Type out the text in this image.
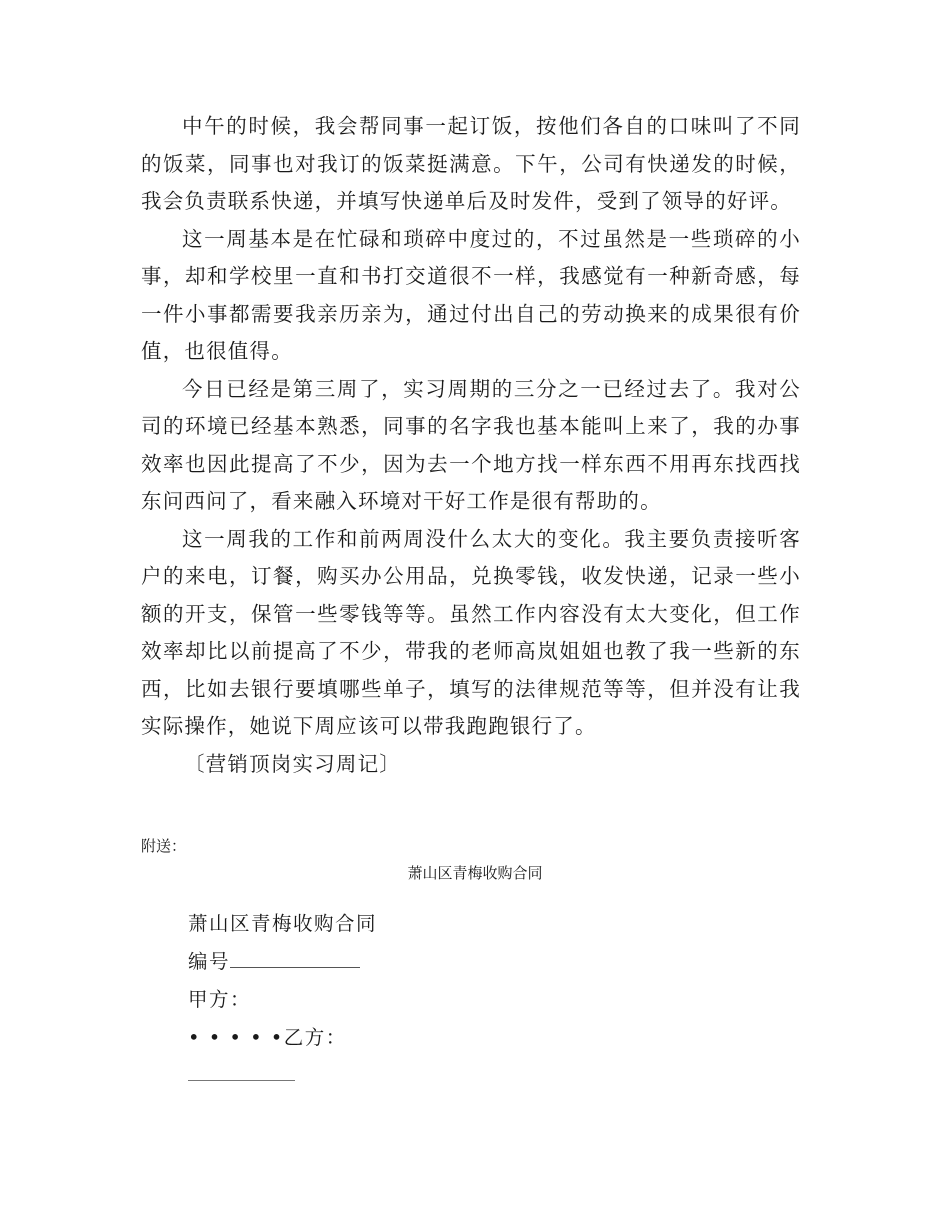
中午的时候，我会帮同事一起订饭，按他们各自的口味叫了不同的饭菜，同事也对我订的饭菜挺满意。下午，公司有快递发的时候，我会负责联系快递，并填写快递单后及时发件，受到了领导的好评。

这一周基本是在忙碌和琐碎中度过的，不过虽然是一些琐碎的小事，却和学校里一直和书打交道很不一样，我感觉有一种新奇感，每一件小事都需要我亲历亲为，通过付出自己的劳动换来的成果很有价值，也很值得。

今日已经是第三周了，实习周期的三分之一已经过去了。我对公司的环境已经基本熟悉，同事的名字我也基本能叫上来了，我的办事效率也因此提高了不少，因为去一个地方找一样东西不用再东找西找东问西问了，看来融入环境对干好工作是很有帮助的。

这一周我的工作和前两周没什么太大的变化。我主要负责接听客户的来电，订餐，购买办公用品，兑换零钱，收发快递，记录一些小额的开支，保管一些零钱等等。虽然工作内容没有太大变化，但工作效率却比以前提高了不少，带我的老师高岚姐姐也教了我一些新的东西，比如去银行要填哪些单子，填写的法律规范等等，但并没有让我实际操作，她说下周应该可以带我跑跑银行了。

〔营销顶岗实习周记〕
附送：
萧山区青梅收购合同
萧山区青梅收购合同
编号
甲方：
• • • • •乙方：
